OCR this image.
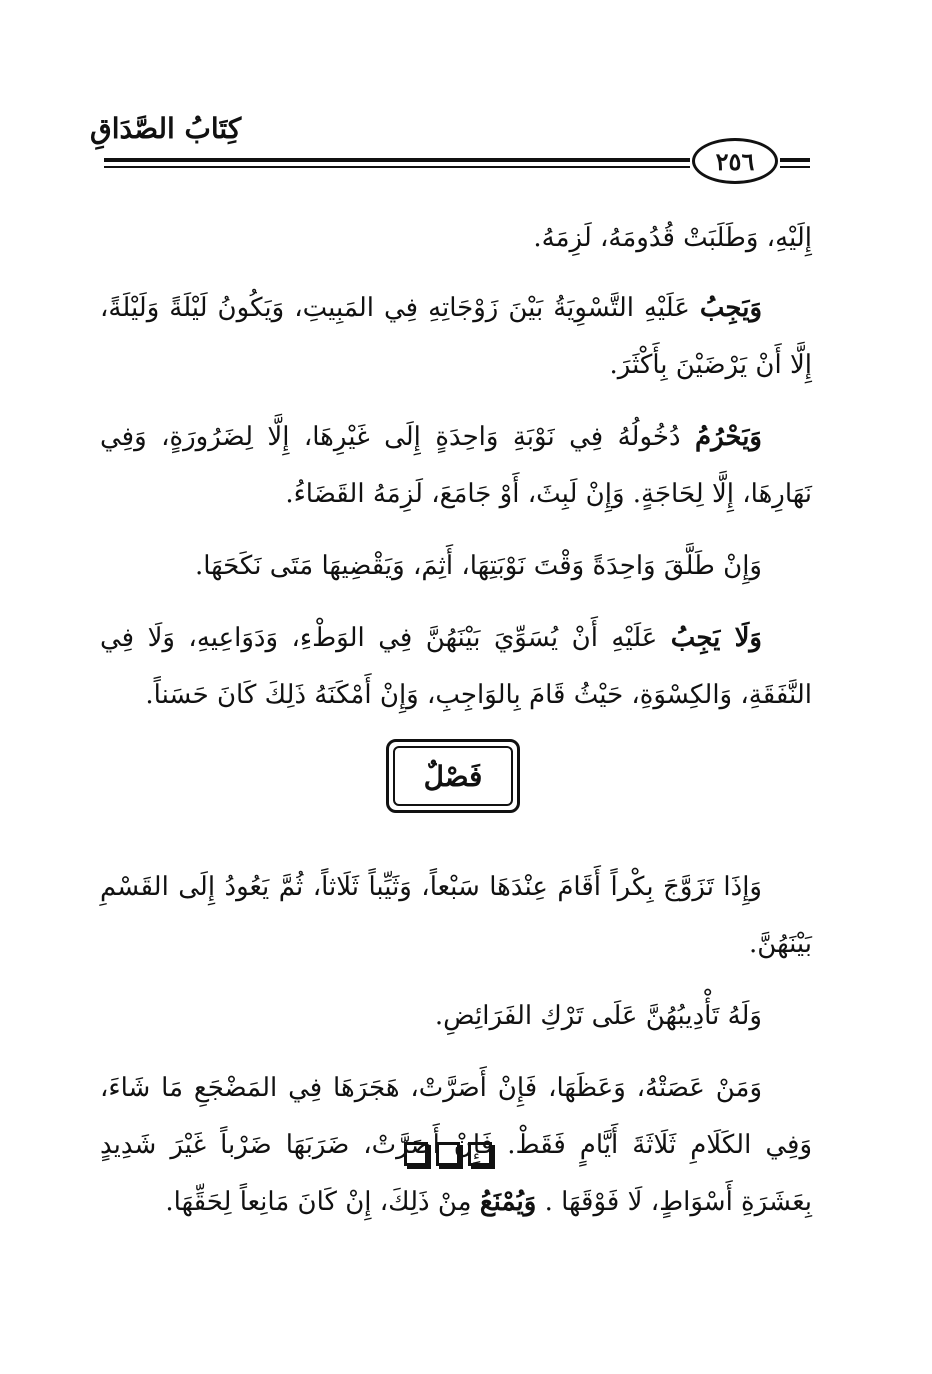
كِتَابُ الصَّدَاقِ
٢٥٦

إِلَيْهِ، وَطَلَبَتْ قُدُومَهُ، لَزِمَهُ.

وَيَجِبُ عَلَيْهِ التَّسْوِيَةُ بَيْنَ زَوْجَاتِهِ فِي المَبِيتِ، وَيَكُونُ لَيْلَةً وَلَيْلَةً، إِلَّا أَنْ يَرْضَيْنَ بِأَكْثَرَ.

وَيَحْرُمُ دُخُولُهُ فِي نَوْبَةِ وَاحِدَةٍ إِلَى غَيْرِهَا، إِلَّا لِضَرُورَةٍ، وَفِي نَهَارِهَا، إِلَّا لِحَاجَةٍ. وَإِنْ لَبِثَ، أَوْ جَامَعَ، لَزِمَهُ القَضَاءُ.

وَإِنْ طَلَّقَ وَاحِدَةً وَقْتَ نَوْبَتِهَا، أَثِمَ، وَيَقْضِيهَا مَتَى نَكَحَهَا.

وَلَا يَجِبُ عَلَيْهِ أَنْ يُسَوِّيَ بَيْنَهُنَّ فِي الوَطْءِ، وَدَوَاعِيهِ، وَلَا فِي النَّفَقَةِ، وَالكِسْوَةِ، حَيْثُ قَامَ بِالوَاجِبِ، وَإِنْ أَمْكَنَهُ ذَلِكَ كَانَ حَسَناً.

فَصْلٌ

وَإِذَا تَزَوَّجَ بِكْراً أَقَامَ عِنْدَهَا سَبْعاً، وَثَيِّباً ثَلَاثاً، ثُمَّ يَعُودُ إِلَى القَسْمِ بَيْنَهُنَّ.

وَلَهُ تَأْدِيبُهُنَّ عَلَى تَرْكِ الفَرَائِضِ.

وَمَنْ عَصَتْهُ، وَعَظَهَا، فَإِنْ أَصَرَّتْ، هَجَرَهَا فِي المَضْجَعِ مَا شَاءَ، وَفِي الكَلَامِ ثَلَاثَةَ أَيَّامٍ فَقَطْ. فَإِنْ أَصَرَّتْ، ضَرَبَهَا ضَرْباً غَيْرَ شَدِيدٍ بِعَشَرَةِ أَسْوَاطٍ، لَا فَوْقَهَا . وَيُمْنَعُ مِنْ ذَلِكَ، إِنْ كَانَ مَانِعاً لِحَقِّهَا.
